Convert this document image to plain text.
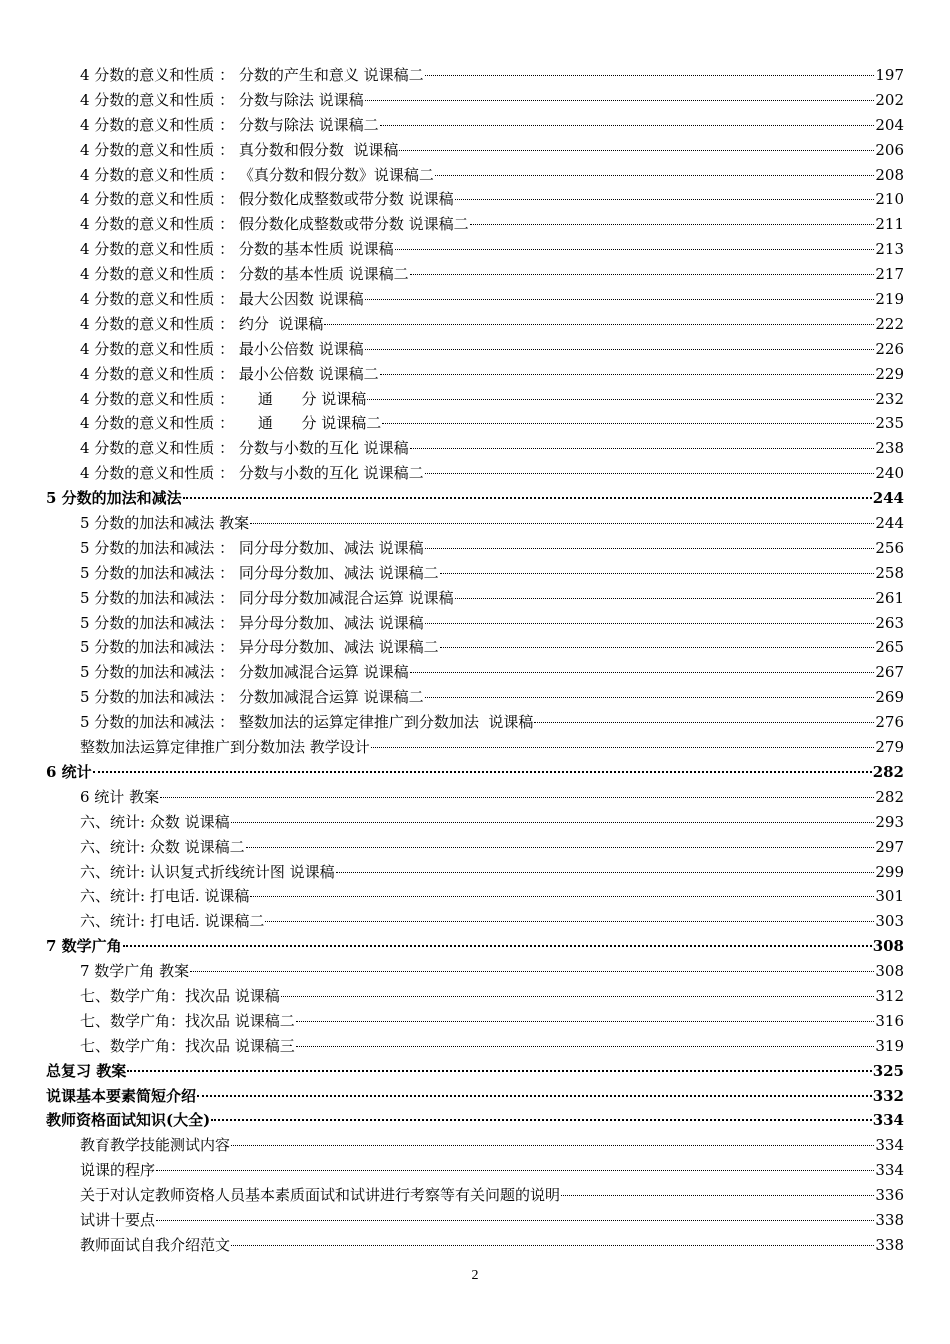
4 分数的意义和性质 ： 分数的产生和意义 说课稿二	197
4 分数的意义和性质 ： 分数与除法 说课稿	202
4 分数的意义和性质 ： 分数与除法 说课稿二	204
4 分数的意义和性质 ： 真分数和假分数  说课稿	206
4 分数的意义和性质 ： 《真分数和假分数》说课稿二	208
4 分数的意义和性质 ： 假分数化成整数或带分数 说课稿	210
4 分数的意义和性质 ： 假分数化成整数或带分数 说课稿二	211
4 分数的意义和性质 ： 分数的基本性质 说课稿	213
4 分数的意义和性质 ： 分数的基本性质 说课稿二	217
4 分数的意义和性质 ： 最大公因数 说课稿	219
4 分数的意义和性质 ： 约分  说课稿	222
4 分数的意义和性质 ： 最小公倍数 说课稿	226
4 分数的意义和性质 ： 最小公倍数 说课稿二	229
4 分数的意义和性质 ：     通      分 说课稿	232
4 分数的意义和性质 ：     通      分 说课稿二	235
4 分数的意义和性质 ： 分数与小数的互化 说课稿	238
4 分数的意义和性质 ： 分数与小数的互化 说课稿二	240
5 分数的加法和减法	244
5 分数的加法和减法 教案	244
5 分数的加法和减法 ： 同分母分数加、减法 说课稿	256
5 分数的加法和减法 ： 同分母分数加、减法 说课稿二	258
5 分数的加法和减法 ： 同分母分数加减混合运算 说课稿	261
5 分数的加法和减法 ： 异分母分数加、减法 说课稿	263
5 分数的加法和减法 ： 异分母分数加、减法 说课稿二	265
5 分数的加法和减法 ： 分数加减混合运算 说课稿	267
5 分数的加法和减法 ： 分数加减混合运算 说课稿二	269
5 分数的加法和减法 ： 整数加法的运算定律推广到分数加法  说课稿	276
整数加法运算定律推广到分数加法 教学设计	279
6 统计	282
6 统计 教案	282
六、统计: 众数 说课稿	293
六、统计: 众数 说课稿二	297
六、统计: 认识复式折线统计图 说课稿	299
六、统计: 打电话. 说课稿	301
六、统计: 打电话. 说课稿二	303
7 数学广角	308
7 数学广角 教案	308
七、数学广角：找次品 说课稿	312
七、数学广角：找次品 说课稿二	316
七、数学广角：找次品 说课稿三	319
总复习 教案	325
说课基本要素简短介绍	332
教师资格面试知识(大全)	334
教育教学技能测试内容	334
说课的程序	334
关于对认定教师资格人员基本素质面试和试讲进行考察等有关问题的说明	336
试讲十要点	338
教师面试自我介绍范文	338
2
